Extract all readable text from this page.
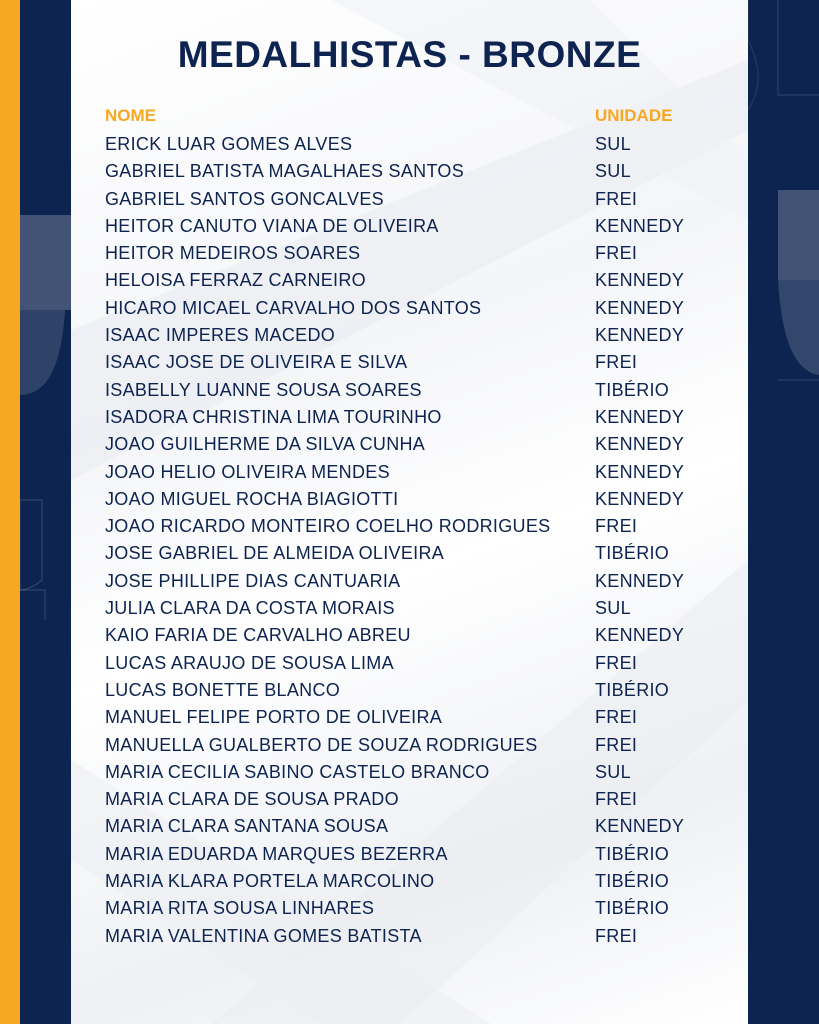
MEDALHISTAS - BRONZE
NOME	UNIDADE
ERICK LUAR GOMES ALVES	SUL
GABRIEL BATISTA MAGALHAES SANTOS	SUL
GABRIEL SANTOS GONCALVES	FREI
HEITOR CANUTO VIANA DE OLIVEIRA	KENNEDY
HEITOR MEDEIROS SOARES	FREI
HELOISA FERRAZ CARNEIRO	KENNEDY
HICARO MICAEL CARVALHO DOS SANTOS	KENNEDY
ISAAC IMPERES MACEDO	KENNEDY
ISAAC JOSE DE OLIVEIRA E SILVA	FREI
ISABELLY LUANNE SOUSA SOARES	TIBÉRIO
ISADORA CHRISTINA LIMA TOURINHO	KENNEDY
JOAO GUILHERME DA SILVA CUNHA	KENNEDY
JOAO HELIO OLIVEIRA MENDES	KENNEDY
JOAO MIGUEL ROCHA BIAGIOTTI	KENNEDY
JOAO RICARDO MONTEIRO COELHO RODRIGUES FREI
JOSE GABRIEL DE ALMEIDA OLIVEIRA	TIBÉRIO
JOSE PHILLIPE DIAS CANTUARIA	KENNEDY
JULIA CLARA DA COSTA MORAIS	SUL
KAIO FARIA DE CARVALHO ABREU	KENNEDY
LUCAS ARAUJO DE SOUSA LIMA	FREI
LUCAS BONETTE BLANCO	TIBÉRIO
MANUEL FELIPE PORTO DE OLIVEIRA	FREI
MANUELLA GUALBERTO DE SOUZA RODRIGUES	FREI
MARIA CECILIA SABINO CASTELO BRANCO	SUL
MARIA CLARA DE SOUSA PRADO	FREI
MARIA CLARA SANTANA SOUSA	KENNEDY
MARIA EDUARDA MARQUES BEZERRA	TIBÉRIO
MARIA KLARA PORTELA MARCOLINO	TIBÉRIO
MARIA RITA SOUSA LINHARES	TIBÉRIO
MARIA VALENTINA GOMES BATISTA	FREI
